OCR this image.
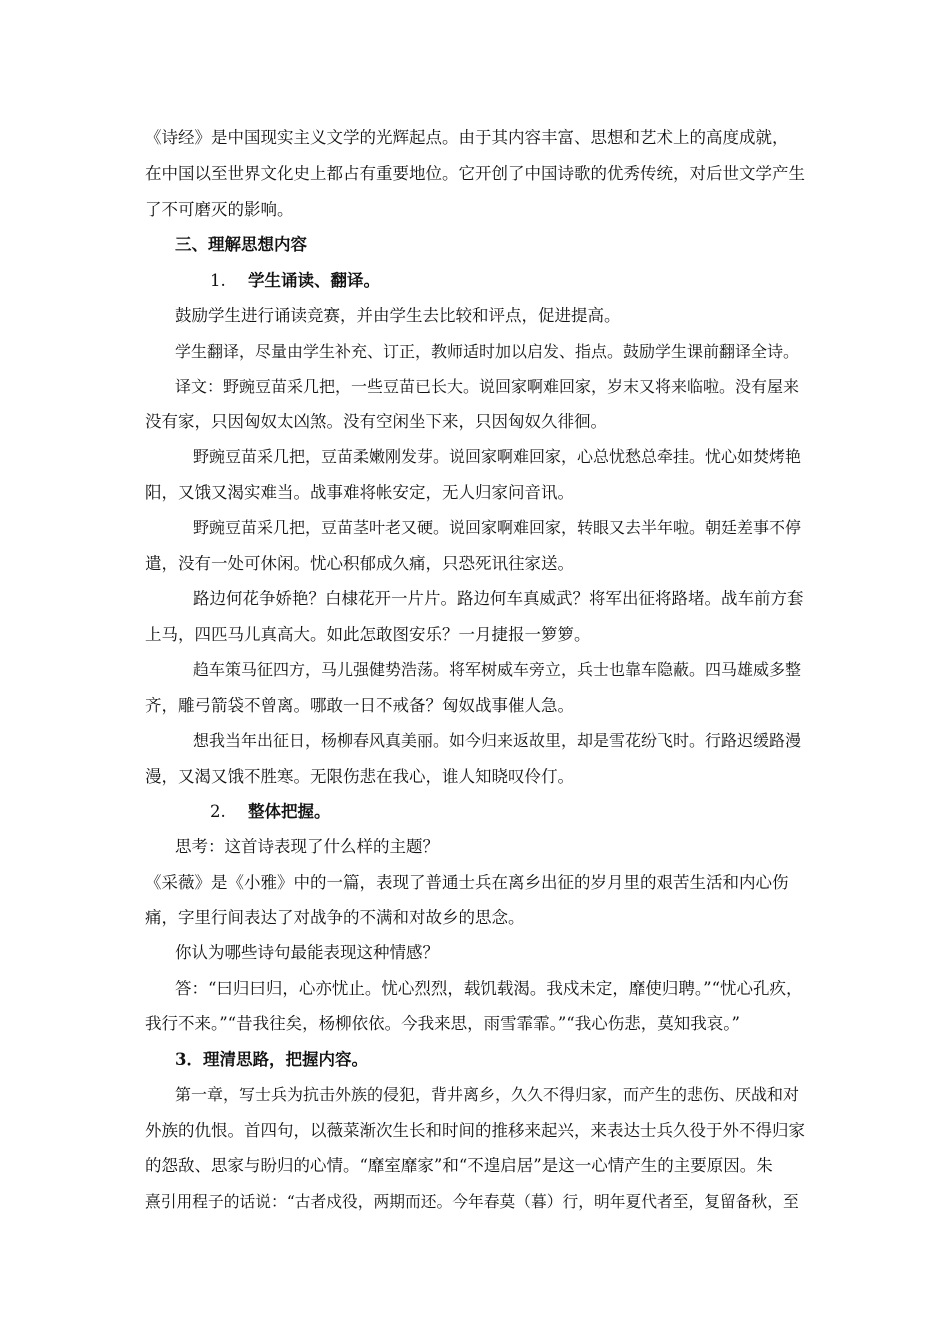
《诗经》是中国现实主义文学的光辉起点。由于其内容丰富、思想和艺术上的高度成就，
在中国以至世界文化史上都占有重要地位。它开创了中国诗歌的优秀传统，对后世文学产生
了不可磨灭的影响。
三、理解思想内容
1. 学生诵读、翻译。
鼓励学生进行诵读竞赛，并由学生去比较和评点，促进提高。
学生翻译，尽量由学生补充、订正，教师适时加以启发、指点。鼓励学生课前翻译全诗。
译文：野豌豆苗采几把，一些豆苗已长大。说回家啊难回家，岁末又将来临啦。没有屋来
没有家，只因匈奴太凶煞。没有空闲坐下来，只因匈奴久徘徊。
野豌豆苗采几把，豆苗柔嫩刚发芽。说回家啊难回家，心总忧愁总牵挂。忧心如焚烤艳
阳，又饿又渴实难当。战事难将帐安定，无人归家问音讯。
野豌豆苗采几把，豆苗茎叶老又硬。说回家啊难回家，转眼又去半年啦。朝廷差事不停
遣，没有一处可休闲。忧心积郁成久痛，只恐死讯往家送。
路边何花争娇艳？白棣花开一片片。路边何车真威武？将军出征将路堵。战车前方套
上马，四匹马儿真高大。如此怎敢图安乐？一月捷报一箩箩。
趋车策马征四方，马儿强健势浩荡。将军树威车旁立，兵士也靠车隐蔽。四马雄威多整
齐，雕弓箭袋不曾离。哪敢一日不戒备？匈奴战事催人急。
想我当年出征日，杨柳春风真美丽。如今归来返故里，却是雪花纷飞时。行路迟缓路漫
漫，又渴又饿不胜寒。无限伤悲在我心，谁人知晓叹伶仃。
2. 整体把握。
思考：这首诗表现了什么样的主题？
《采薇》是《小雅》中的一篇，表现了普通士兵在离乡出征的岁月里的艰苦生活和内心伤
痛，字里行间表达了对战争的不满和对故乡的思念。
你认为哪些诗句最能表现这种情感？
答：“曰归曰归，心亦忧止。忧心烈烈，载饥载渴。我戍未定，靡使归聘。”“忧心孔疚，
我行不来。”“昔我往矣，杨柳依依。今我来思，雨雪霏霏。”“我心伤悲，莫知我哀。”
3．理清思路，把握内容。
第一章，写士兵为抗击外族的侵犯，背井离乡，久久不得归家，而产生的悲伤、厌战和对
外族的仇恨。首四句，以薇菜渐次生长和时间的推移来起兴，来表达士兵久役于外不得归家
的怨敌、思家与盼归的心情。“靡室靡家”和“不遑启居”是这一心情产生的主要原因。朱
熹引用程子的话说：“古者戍役，两期而还。今年春莫（暮）行，明年夏代者至，复留备秋，至
